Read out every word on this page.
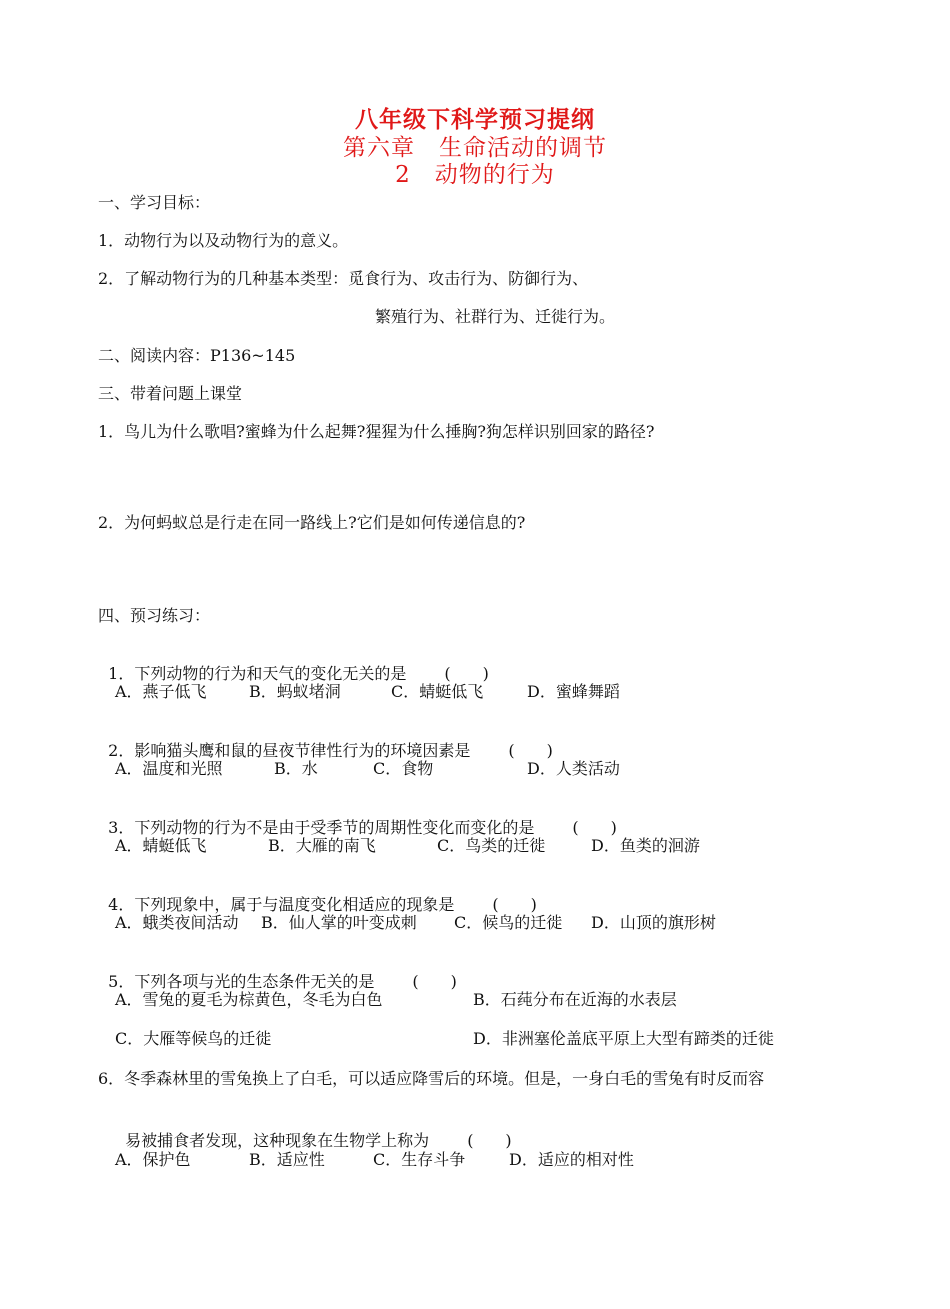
八年级下科学预习提纲
第六章　生命活动的调节
2　动物的行为
一、学习目标：
1．动物行为以及动物行为的意义。
2．了解动物行为的几种基本类型：觅食行为、攻击行为、防御行为、
繁殖行为、社群行为、迁徙行为。
二、阅读内容：P136~145
三、带着问题上课堂
1．鸟儿为什么歌唱?蜜蜂为什么起舞?猩猩为什么捶胸?狗怎样识别回家的路径?
2．为何蚂蚁总是行走在同一路线上?它们是如何传递信息的?
四、预习练习：

1．下列动物的行为和天气的变化无关的是 (　　)

A．燕子低飞

	B．蚂蚁堵洞

	C．蜻蜓低飞

	D．蜜蜂舞蹈

2．影响猫头鹰和鼠的昼夜节律性行为的环境因素是 (　　)

A．温度和光照

	B．水

	C．食物

	D．人类活动

3．下列动物的行为不是由于受季节的周期性变化而变化的是 (　　)

A．蜻蜓低飞

	B．大雁的南飞

	C．鸟类的迁徙

	D．鱼类的洄游

4．下列现象中，属于与温度变化相适应的现象是 (　　)

A．蛾类夜间活动

B．仙人掌的叶变成刺

C．候鸟的迁徙

D．山顶的旗形树

5．下列各项与光的生态条件无关的是 (　　)

A．雪兔的夏毛为棕黄色，冬毛为白色

	B．石莼分布在近海的水表层

C．大雁等候鸟的迁徙

	D．非洲塞伦盖底平原上大型有蹄类的迁徙

6．冬季森林里的雪兔换上了白毛，可以适应降雪后的环境。但是，一身白毛的雪兔有时反而容

易被捕食者发现，这种现象在生物学上称为 (　　)

A．保护色

	B．适应性

	C．生存斗争

	D．适应的相对性
